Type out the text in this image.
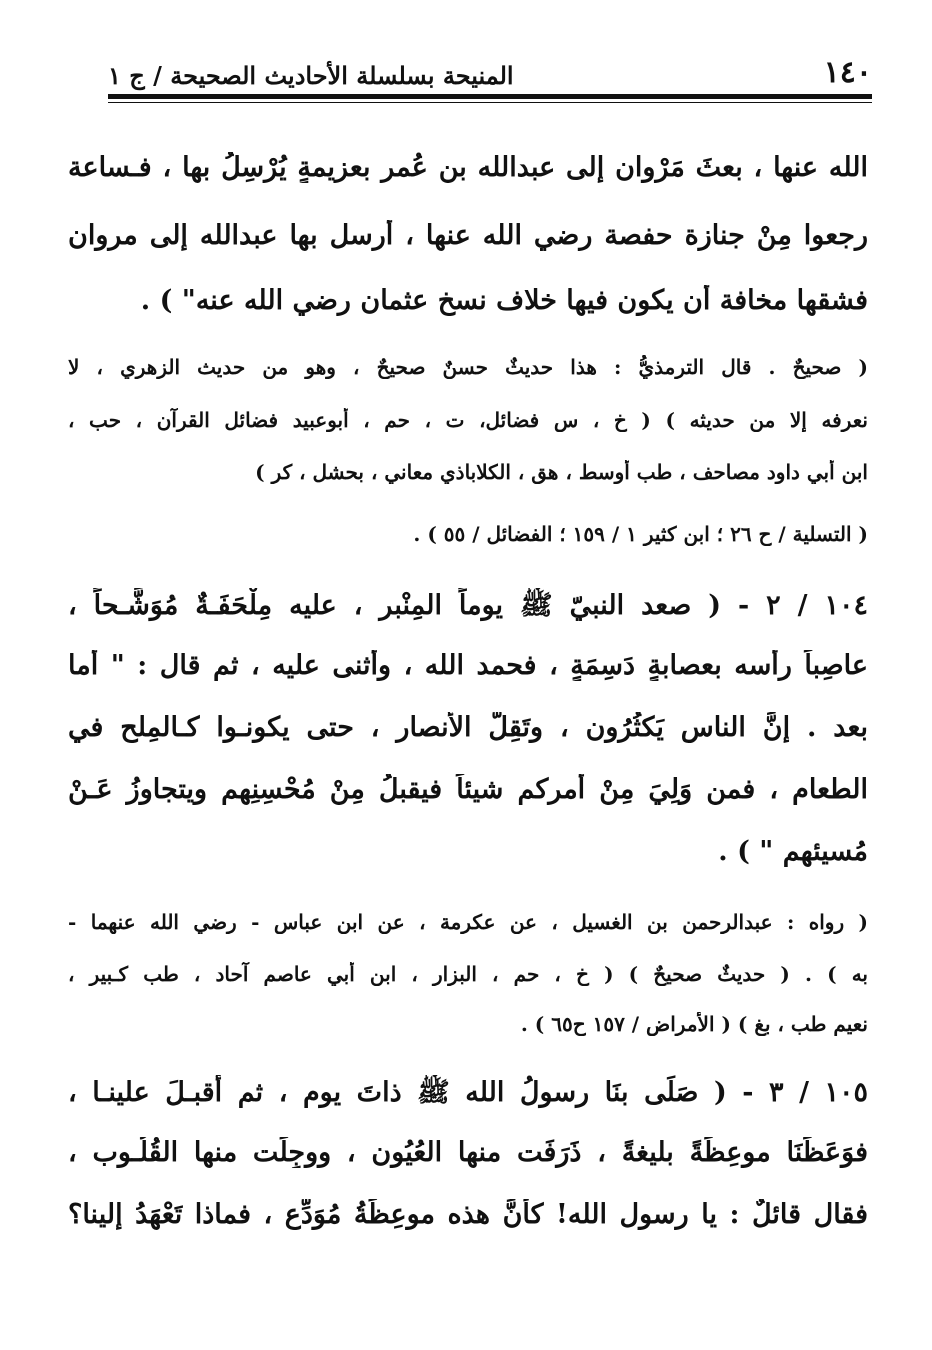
١٤٠
المنيحة بسلسلة الأحاديث الصحيحة / ج ١
الله عنها ، بعثَ مَرْوان إلى عبدالله بن عُمر بعزيمةٍ يُرْسِلُ بها ، فـساعة
رجعوا مِنْ جنازة حفصة رضي الله عنها ، أرسل بها عبدالله إلى مروان
فشقها مخافة أن يكون فيها خلاف نسخ عثمان رضي الله عنه" ) .
( صحيحٌ . قال الترمذيُّ : هذا حديثٌ حسنٌ صحيحٌ ، وهو من حديث الزهري ، لا
نعرفه إلا من حديثه ) ( خ ، س فضائل، ت ، حم ، أبوعبيد فضائل القرآن ، حب ،
ابن أبي داود مصاحف ، طب أوسط ، هق ، الكلاباذي معاني ، بحشل ، كر )
( التسلية / ح ٢٦ ؛ ابن كثير ١ / ١٥٩ ؛ الفضائل / ٥٥ ) .
١٠٤ / ٢ - ( صعد النبيّ ﷺ يوماً المِنْبر ، عليه مِلْحَفَـةٌ مُوَشَّـحاً ،
عاصِباً رأسه بعصابةٍ دَسِمَةٍ ، فحمد الله ، وأثنى عليه ، ثم قال : " أما
بعد . إنَّ الناس يَكثُرُون ، وتَقِلُّ الأنصار ، حتى يكونـوا كـالمِلح في
الطعام ، فمن وَلِيَ مِنْ أمركم شيئاً فيقبلُ مِنْ مُحْسِنِهم ويتجاوزُ عَـنْ
مُسيئهم " ) .
( رواه : عبدالرحمن بن الغسيل ، عن عكرمة ، عن ابن عباس - رضي الله عنهما -
به ) . ( حديثٌ صحيحٌ ) ( خ ، حم ، البزار ، ابن أبي عاصم آحاد ، طب كـبير ،
نعيم طب ، بغ ) ( الأمراض / ١٥٧ ح٦٥ ) .
١٠٥ / ٣ - ( صَلَى بنَا رسولُ الله ﷺ ذاتَ يوم ، ثم أقبـلَ علينـا ،
فوَعَظَنَا موعِظَةً بليغةً ، ذَرَفَت منها العُيُون ، ووجِلَت منها القُلُـوب ،
فقال قائلٌ : يا رسول الله! كأنَّ هذه موعِظَةُ مُوَدِّعٍ ، فماذا تَعْهَدُ إلينا؟
